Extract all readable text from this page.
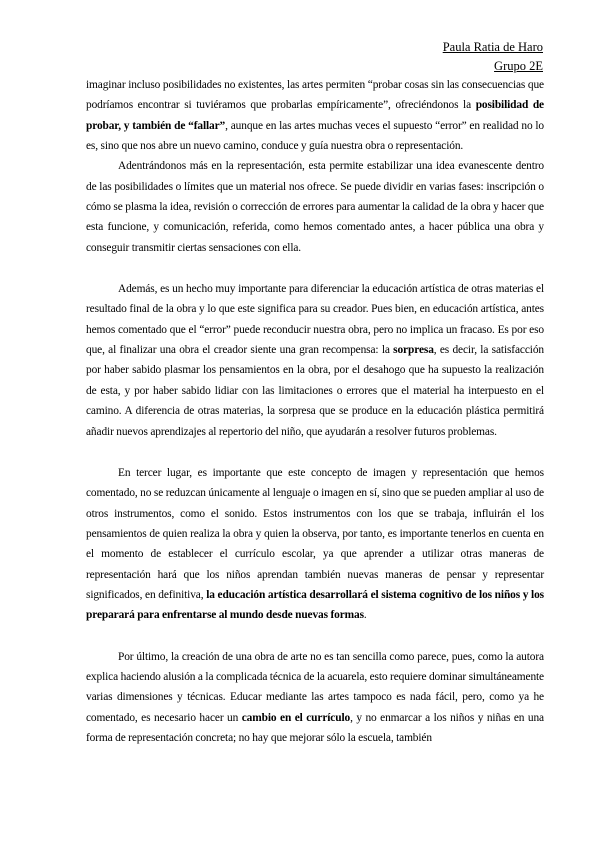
Paula Ratia de Haro
Grupo 2E

imaginar incluso posibilidades no existentes, las artes permiten “probar cosas sin las consecuencias que podríamos encontrar si tuviéramos que probarlas empíricamente”, ofreciéndonos la posibilidad de probar, y también de “fallar”, aunque en las artes muchas veces el supuesto “error” en realidad no lo es, sino que nos abre un nuevo camino, conduce y guía nuestra obra o representación.

Adentrándonos más en la representación, esta permite estabilizar una idea evanescente dentro de las posibilidades o límites que un material nos ofrece. Se puede dividir en varias fases: inscripción o cómo se plasma la idea, revisión o corrección de errores para aumentar la calidad de la obra y hacer que esta funcione, y comunicación, referida, como hemos comentado antes, a hacer pública una obra y conseguir transmitir ciertas sensaciones con ella.

Además, es un hecho muy importante para diferenciar la educación artística de otras materias el resultado final de la obra y lo que este significa para su creador. Pues bien, en educación artística, antes hemos comentado que el “error” puede reconducir nuestra obra, pero no implica un fracaso. Es por eso que, al finalizar una obra el creador siente una gran recompensa: la sorpresa, es decir, la satisfacción por haber sabido plasmar los pensamientos en la obra, por el desahogo que ha supuesto la realización de esta, y por haber sabido lidiar con las limitaciones o errores que el material ha interpuesto en el camino. A diferencia de otras materias, la sorpresa que se produce en la educación plástica permitirá añadir nuevos aprendizajes al repertorio del niño, que ayudarán a resolver futuros problemas.

En tercer lugar, es importante que este concepto de imagen y representación que hemos comentado, no se reduzcan únicamente al lenguaje o imagen en sí, sino que se pueden ampliar al uso de otros instrumentos, como el sonido. Estos instrumentos con los que se trabaja, influirán el los pensamientos de quien realiza la obra y quien la observa, por tanto, es importante tenerlos en cuenta en el momento de establecer el currículo escolar, ya que aprender a utilizar otras maneras de representación hará que los niños aprendan también nuevas maneras de pensar y representar significados, en definitiva, la educación artística desarrollará el sistema cognitivo de los niños y los preparará para enfrentarse al mundo desde nuevas formas.

Por último, la creación de una obra de arte no es tan sencilla como parece, pues, como la autora explica haciendo alusión a la complicada técnica de la acuarela, esto requiere dominar simultáneamente varias dimensiones y técnicas. Educar mediante las artes tampoco es nada fácil, pero, como ya he comentado, es necesario hacer un cambio en el currículo, y no enmarcar a los niños y niñas en una forma de representación concreta; no hay que mejorar sólo la escuela, también
